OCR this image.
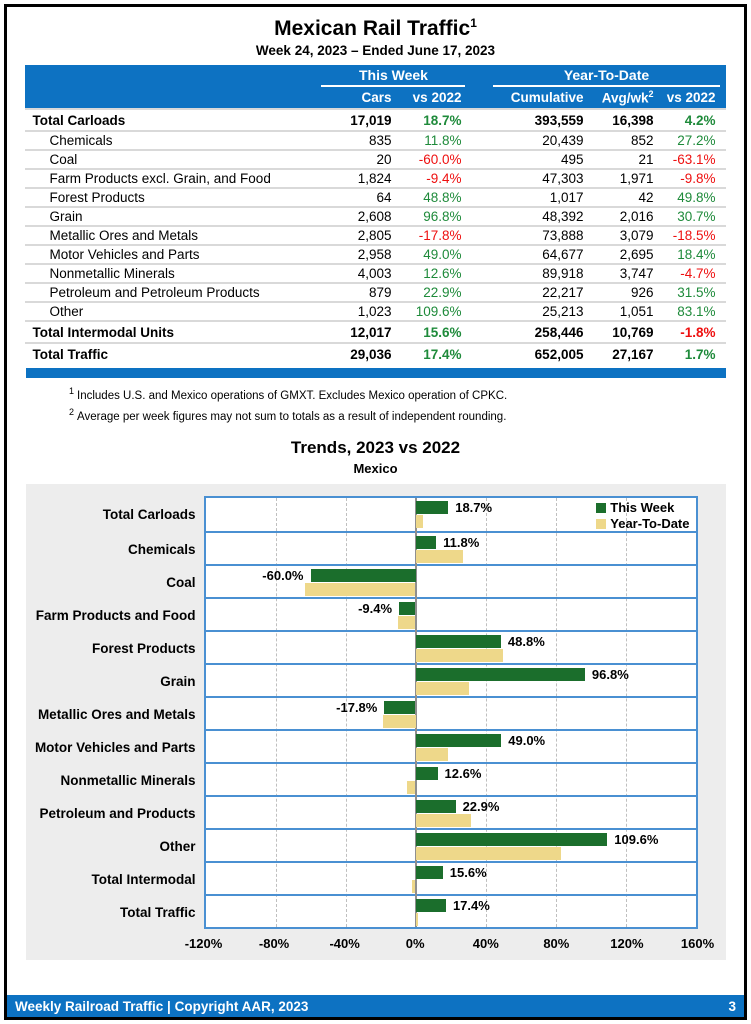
Mexican Rail Traffic$^1$
Week 24, 2023 – Ended June 17, 2023

	This Week			Year-To-Date		

	Cars	vs 2022		Cumulative	Avg/$wk^2$	vs 2022
Total Carloads	17,019	18.7%		393,559	16,398	4.2%
Chemicals	835	11.8%		20,439	852	27.2%
Coal	20	-60.0%		495	21	-63.1%
Farm Products excl. Grain, and Food	1,824	-9.4%		47,303	1,971	-9.8%
Forest Products	64	48.8%		1,017	42	49.8%
Grain	2,608	96.8%		48,392	2,016	30.7%
Metallic Ores and Metals	2,805	-17.8%		73,888	3,079	-18.5%
Motor Vehicles and Parts	2,958	49.0%		64,677	2,695	18.4%
Nonmetallic Minerals	4,003	12.6%		89,918	3,747	-4.7%
Petroleum and Petroleum Products	879	22.9%		22,217	926	31.5%
Other	1,023	109.6%		25,213	1,051	83.1%
Total Intermodal Units	12,017	15.6%		258,446	10,769	-1.8%
Total Traffic	29,036	17.4%		652,005	27,167	1.7%
$^1$ Includes U.S. and Mexico operations of GMXT. Excludes Mexico operation of CPKC.
$^2$ Average per week figures may not sum to totals as a result of independent rounding.
Trends, 2023 vs 2022
Mexico
This Week
Year-To-Date
Total Carloads	18.7%
Chemicals	11.8%
Coal	-60.0%
Farm Products and Food	-9.4%
Forest Products	48.8%
Grain	96.8%
Metallic Ores and Metals	-17.8%
Motor Vehicles and Parts	49.0%
Nonmetallic Minerals	12.6%
Petroleum and Products	22.9%
Other	109.6%
Total Intermodal	15.6%
Total Traffic	17.4%
-120%	-80%	-40%	0%	40%	80%	120%	160%
Weekly Railroad Traffic | Copyright AAR, 2023	3
